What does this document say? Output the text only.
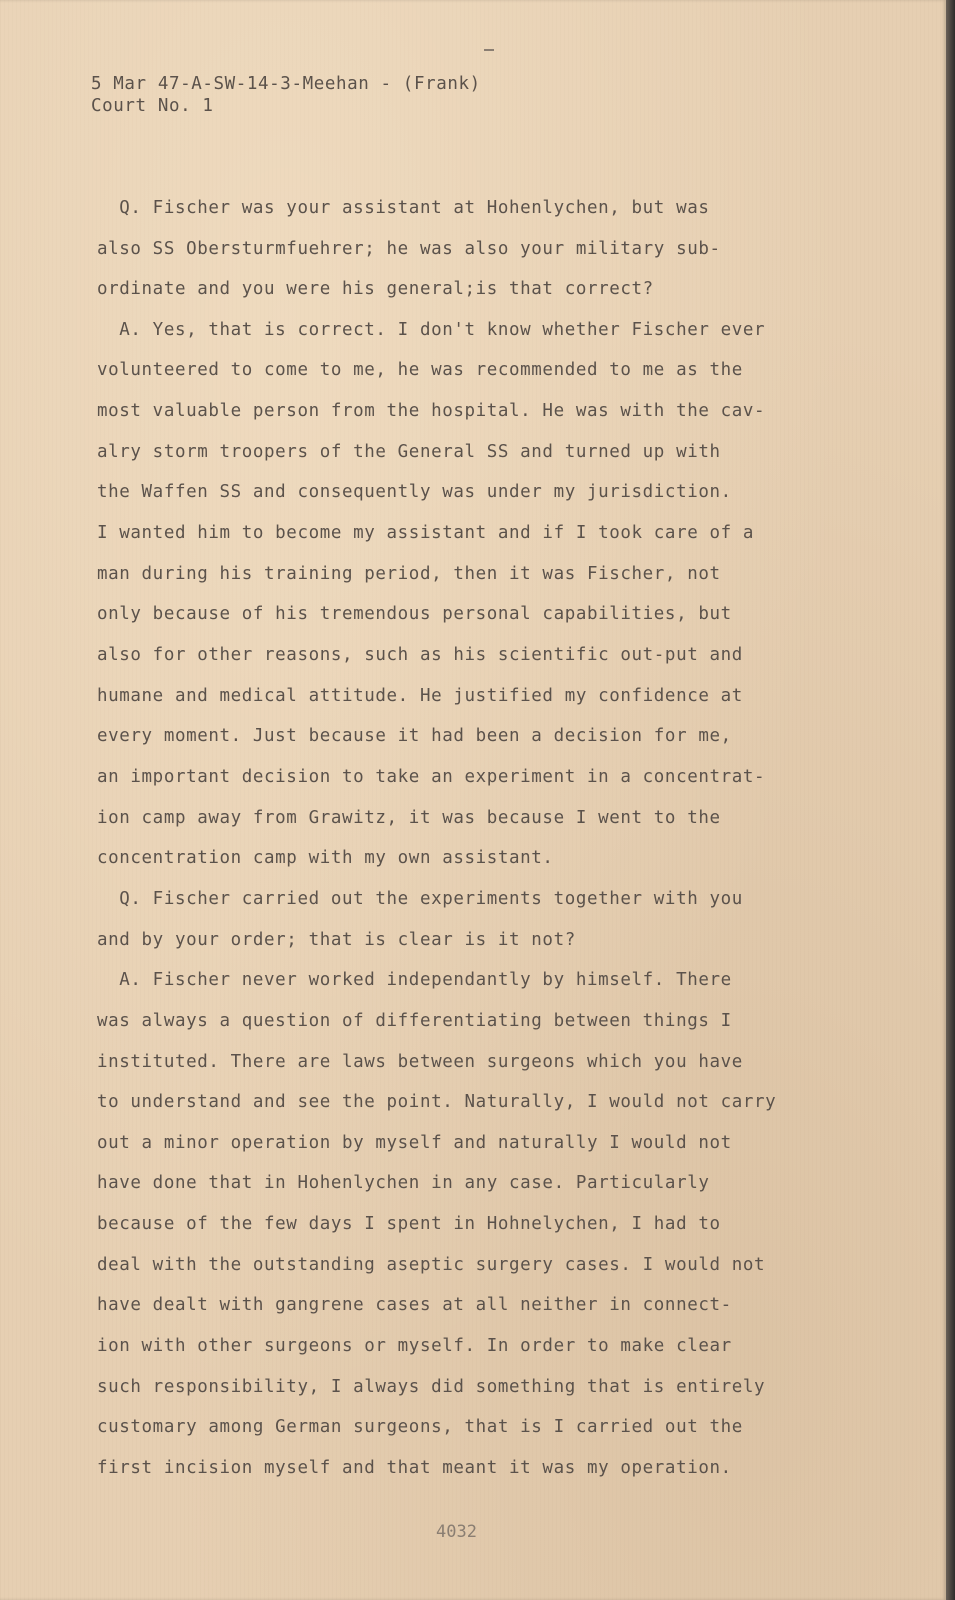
5 Mar 47-A-SW-14-3-Meehan - (Frank)
Court No. 1
Q. Fischer was your assistant at Hohenlychen, but was
also SS Obersturmfuehrer; he was also your military sub-
ordinate and you were his general;is that correct?
A. Yes, that is correct. I don't know whether Fischer ever
volunteered to come to me, he was recommended to me as the
most valuable person from the hospital. He was with the cav-
alry storm troopers of the General SS and turned up with
the Waffen SS and consequently was under my jurisdiction.
I wanted him to become my assistant and if I took care of a
man during his training period, then it was Fischer, not
only because of his tremendous personal capabilities, but
also for other reasons, such as his scientific out-put and
humane and medical attitude. He justified my confidence at
every moment. Just because it had been a decision for me,
an important decision to take an experiment in a concentrat-
ion camp away from Grawitz, it was because I went to the
concentration camp with my own assistant.
Q. Fischer carried out the experiments together with you
and by your order; that is clear is it not?
A. Fischer never worked independantly by himself. There
was always a question of differentiating between things I
instituted. There are laws between surgeons which you have
to understand and see the point. Naturally, I would not carry
out a minor operation by myself and naturally I would not
have done that in Hohenlychen in any case. Particularly
because of the few days I spent in Hohnelychen, I had to
deal with the outstanding aseptic surgery cases. I would not
have dealt with gangrene cases at all neither in connect-
ion with other surgeons or myself. In order to make clear
such responsibility, I always did something that is entirely
customary among German surgeons, that is I carried out the
first incision myself and that meant it was my operation.
4032
